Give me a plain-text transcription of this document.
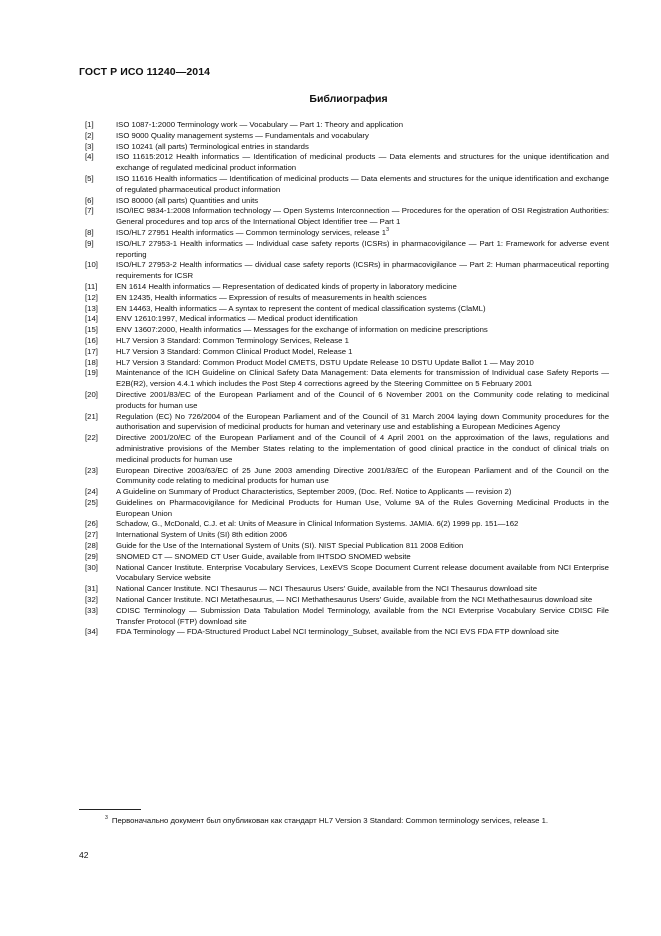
ГОСТ Р ИСО 11240—2014
Библиография
[1]	ISO 1087-1:2000 Terminology work — Vocabulary — Part 1: Theory and application
[2]	ISO 9000 Quality management systems — Fundamentals and vocabulary
[3]	ISO 10241 (all parts) Terminological entries in standards
[4]	ISO 11615:2012 Health informatics — Identification of medicinal products — Data elements and structures for the unique identification and exchange of regulated medicinal product information
[5]	ISO 11616 Health informatics — Identification of medicinal products — Data elements and structures for the unique identification and exchange of regulated pharmaceutical product information
[6]	ISO 80000 (all parts) Quantities and units
[7]	ISO/IEC 9834-1:2008 Information technology — Open Systems Interconnection — Procedures for the operation of OSI Registration Authorities: General procedures and top arcs of the International Object Identifier tree — Part 1
[8]	ISO/HL7 27951 Health informatics — Common terminology services, release $1^3$
[9]	ISO/HL7 27953-1 Health informatics — Individual case safety reports (ICSRs) in pharmacovigilance — Part 1: Framework for adverse event reporting
[10]	ISO/HL7 27953-2 Health informatics — dividual case safety reports (ICSRs) in pharmacovigilance — Part 2: Human pharmaceutical reporting requirements for ICSR
[11]	EN 1614 Health informatics — Representation of dedicated kinds of property in laboratory medicine
[12]	EN 12435, Health informatics — Expression of results of measurements in health sciences
[13]	EN 14463, Health informatics — A syntax to represent the content of medical classification systems (ClaML)
[14]	ENV 12610:1997, Medical informatics — Medical product identification
[15]	ENV 13607:2000, Health informatics — Messages for the exchange of information on medicine prescriptions
[16]	HL7 Version 3 Standard: Common Terminology Services, Release 1
[17]	HL7 Version 3 Standard: Common Clinical Product Model, Release 1
[18]	HL7 Version 3 Standard: Common Product Model CMETS, DSTU Update Release 10 DSTU Update Ballot 1 — May 2010
[19]	Maintenance of the ICH Guideline on Clinical Safety Data Management: Data elements for transmission of Individual case Safety Reports — E2B(R2), version 4.4.1 which includes the Post Step 4 corrections agreed by the Steering Committee on 5 February 2001
[20]	Directive 2001/83/EC of the European Parliament and of the Council of 6 November 2001 on the Community code relating to medicinal products for human use
[21]	Regulation (EC) No 726/2004 of the European Parliament and of the Council of 31 March 2004 laying down Community procedures for the authorisation and supervision of medicinal products for human and veterinary use and establishing a European Medicines Agency
[22]	Directive 2001/20/EC of the European Parliament and of the Council of 4 April 2001 on the approximation of the laws, regulations and administrative provisions of the Member States relating to the implementation of good clinical practice in the conduct of clinical trials on medicinal products for human use
[23]	European Directive 2003/63/EC of 25 June 2003 amending Directive 2001/83/EC of the European Parliament and of the Council on the Community code relating to medicinal products for human use
[24]	A Guideline on Summary of Product Characteristics, September 2009, (Doc. Ref. Notice to Applicants — revision 2)
[25]	Guidelines on Pharmacovigilance for Medicinal Products for Human Use, Volume 9A of the Rules Governing Medicinal Products in the European Union
[26]	Schadow, G., McDonald, C.J. et al: Units of Measure in Clinical Information Systems. JAMIA. 6(2) 1999 pp. 151—162
[27]	International System of Units (SI) 8th edition 2006
[28]	Guide for the Use of the International System of Units (SI). NIST Special Publication 811 2008 Edition
[29]	SNOMED CT — SNOMED CT User Guide, available from IHTSDO SNOMED website
[30]	National Cancer Institute. Enterprise Vocabulary Services, LexEVS Scope Document Current release document available from NCI Enterprise Vocabulary Service website
[31]	National Cancer Institute. NCI Thesaurus — NCI Thesaurus Users' Guide, available from the NCI Thesaurus download site
[32]	National Cancer Institute. NCI Metathesaurus, — NCI Methathesaurus Users' Guide, available from the NCI Methathesaurus download site
[33]	CDISC Terminology — Submission Data Tabulation Model Terminology, available from the NCI Evterprise Vocabulary Service CDISC File Transfer Protocol (FTP) download site
[34]	FDA Terminology — FDA-Structured Product Label NCI terminology_Subset, available from the NCI EVS FDA FTP download site
$^3$ Первоначально документ был опубликован как стандарт HL7 Version 3 Standard: Common terminology services, release 1.
42
